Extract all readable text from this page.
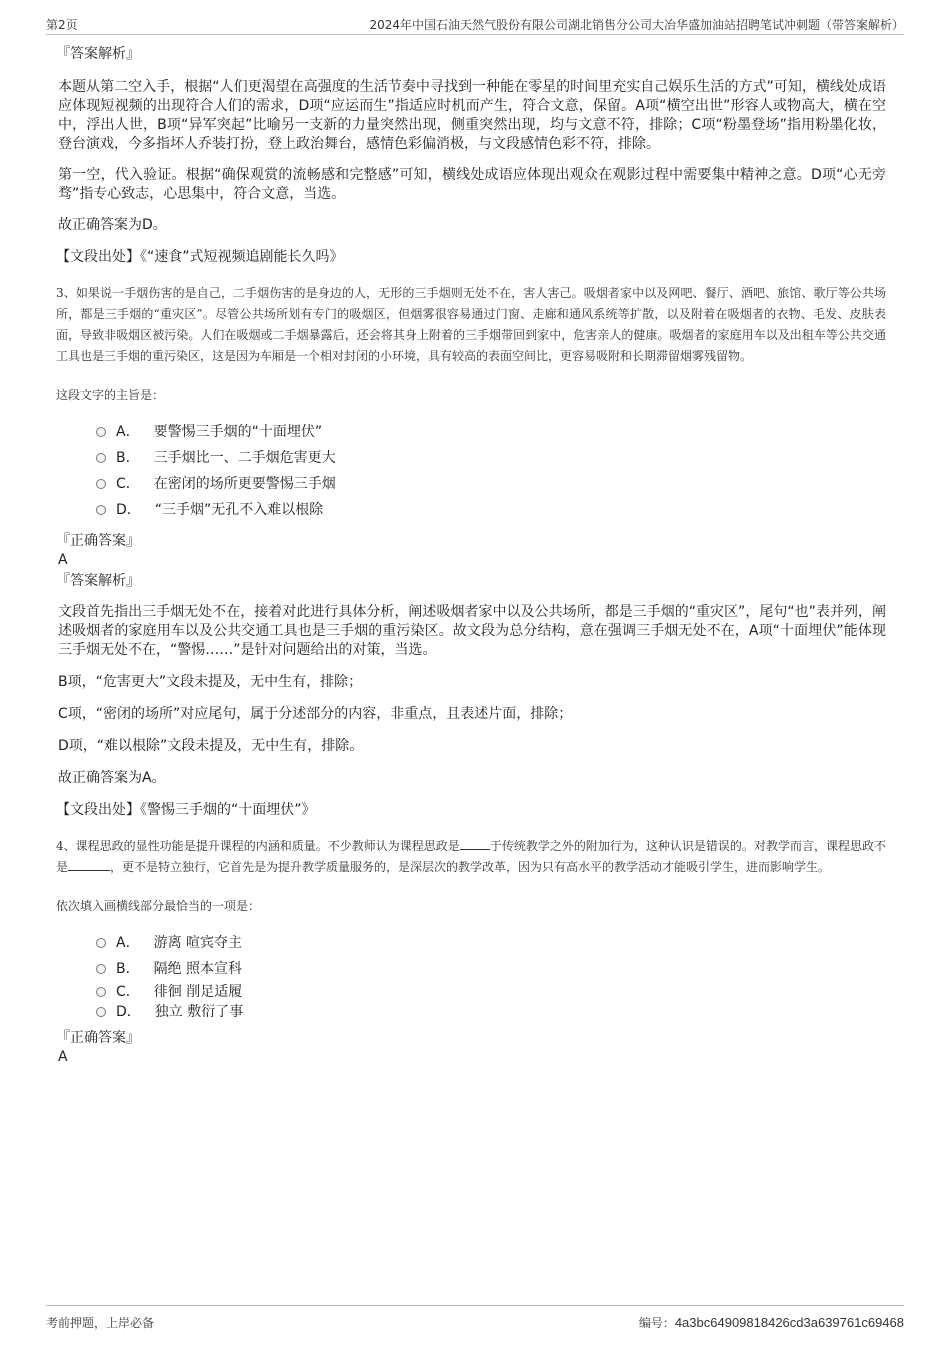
第2页	2024年中国石油天然气股份有限公司湖北销售分公司大冶华盛加油站招聘笔试冲刺题（带答案解析）
『答案解析』

本题从第二空入手，根据“人们更渴望在高强度的生活节奏中寻找到一种能在零星的时间里充实自己娱乐生活的方式”可知，横线处成语应体现短视频的出现符合人们的需求，D项“应运而生”指适应时机而产生，符合文意，保留。A项“横空出世”形容人或物高大，横在空中，浮出人世，B项“异军突起”比喻另一支新的力量突然出现，侧重突然出现，均与文意不符，排除；C项“粉墨登场”指用粉墨化妆，登台演戏，今多指坏人乔装打扮，登上政治舞台，感情色彩偏消极，与文段感情色彩不符，排除。

第一空，代入验证。根据“确保观赏的流畅感和完整感”可知，横线处成语应体现出观众在观影过程中需要集中精神之意。D项“心无旁骛”指专心致志，心思集中，符合文意，当选。

故正确答案为D。

【文段出处】《“速食”式短视频追剧能长久吗》
3、如果说一手烟伤害的是自己，二手烟伤害的是身边的人，无形的三手烟则无处不在，害人害己。吸烟者家中以及网吧、餐厅、酒吧、旅馆、歌厅等公共场所，都是三手烟的“重灾区”。尽管公共场所划有专门的吸烟区，但烟雾很容易通过门窗、走廊和通风系统等扩散，以及附着在吸烟者的衣物、毛发、皮肤表面，导致非吸烟区被污染。人们在吸烟或二手烟暴露后，还会将其身上附着的三手烟带回到家中，危害亲人的健康。吸烟者的家庭用车以及出租车等公共交通工具也是三手烟的重污染区，这是因为车厢是一个相对封闭的小环境，具有较高的表面空间比，更容易吸附和长期滞留烟雾残留物。
这段文字的主旨是：
A． 要警惕三手烟的“十面埋伏”
B． 三手烟比一、二手烟危害更大
C． 在密闭的场所更要警惕三手烟
D． “三手烟”无孔不入难以根除
『正确答案』
A
『答案解析』

文段首先指出三手烟无处不在，接着对此进行具体分析，阐述吸烟者家中以及公共场所，都是三手烟的“重灾区”，尾句“也”表并列，阐述吸烟者的家庭用车以及公共交通工具也是三手烟的重污染区。故文段为总分结构，意在强调三手烟无处不在，A项“十面埋伏”能体现三手烟无处不在，“警惕……”是针对问题给出的对策，当选。

B项，“危害更大”文段未提及，无中生有，排除；

C项，“密闭的场所”对应尾句，属于分述部分的内容，非重点，且表述片面，排除；

D项，“难以根除”文段未提及，无中生有，排除。

故正确答案为A。

【文段出处】《警惕三手烟的“十面埋伏”》
4、课程思政的显性功能是提升课程的内涵和质量。不少教师认为课程思政是	于传统教学之外的附加行为，这种认识是错误的。对教学而言，课程思政不是	，更不是特立独行，它首先是为提升教学质量服务的，是深层次的教学改革，因为只有高水平的教学活动才能吸引学生，进而影响学生。
依次填入画横线部分最恰当的一项是：
A． 游离 喧宾夺主
B． 隔绝 照本宣科
C． 徘徊 削足适履
D． 独立 敷衍了事
『正确答案』
A
考前押题，上岸必备	编号：4a3bc64909818426cd3a639761c69468
